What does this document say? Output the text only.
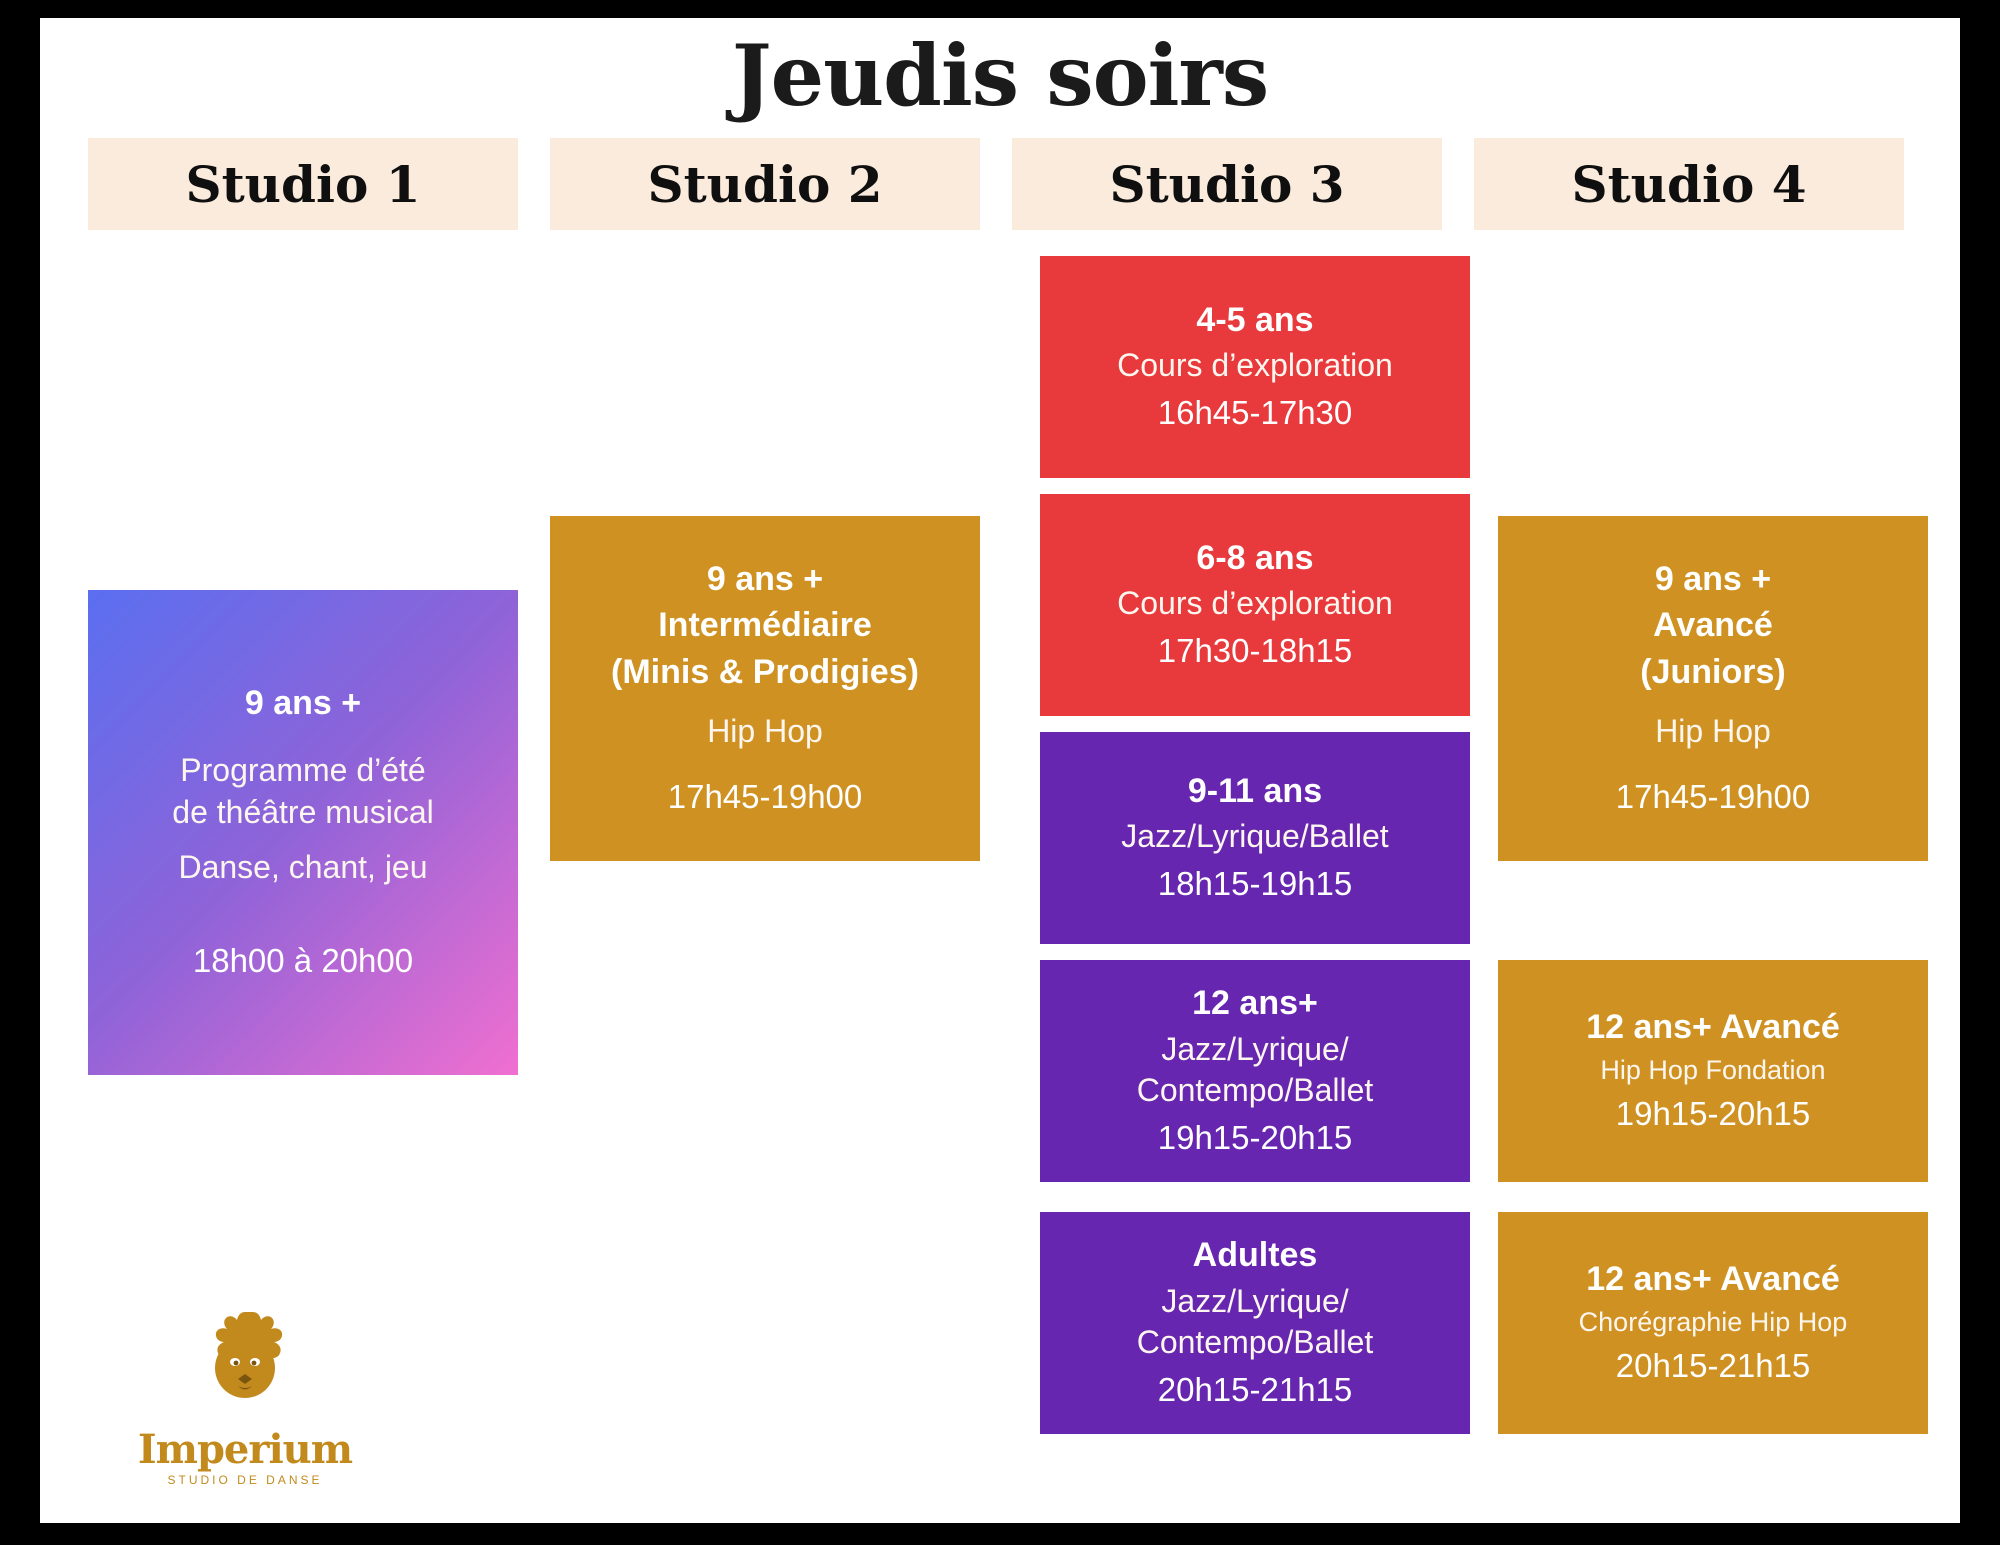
Jeudis soirs
Studio 1
9 ans +
Programme d’été
de théâtre musical
Danse, chant, jeu
18h00 à 20h00
Studio 2
9 ans +
Intermédiaire
(Minis & Prodigies)
Hip Hop
17h45-19h00
Studio 3
4-5 ans
Cours d’exploration
16h45-17h30
6-8 ans
Cours d’exploration
17h30-18h15
9-11 ans
Jazz/Lyrique/Ballet
18h15-19h15
12 ans+
Jazz/Lyrique/
Contempo/Ballet
19h15-20h15
Adultes
Jazz/Lyrique/
Contempo/Ballet
20h15-21h15
Studio 4
9 ans +
Avancé
(Juniors)
Hip Hop
17h45-19h00
12 ans+ Avancé
Hip Hop Fondation
19h15-20h15
12 ans+ Avancé
Chorégraphie Hip Hop
20h15-21h15
Imperium
STUDIO DE DANSE
